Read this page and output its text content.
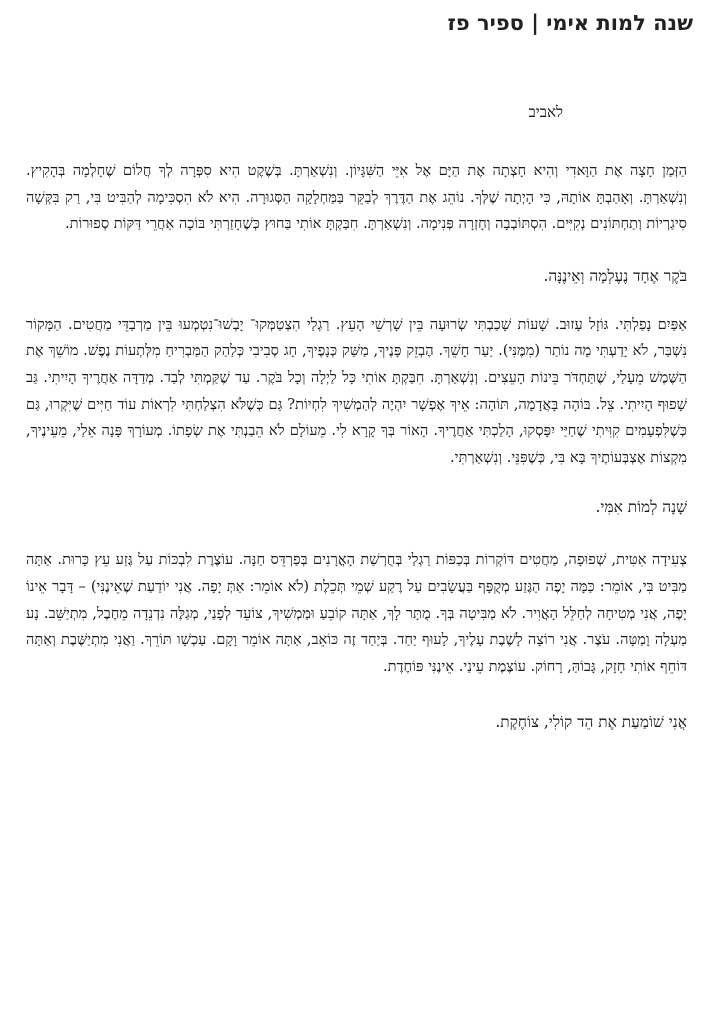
שנה למות אימי | ספיר פז
לאביב

הַזְּמַן חָצָה אֶת הַוָּאדִי וְהִיא חָצְתָה אֶת הַיָּם אֶל אִיֵּי הַשִּׁגָּיוֹן. וְנִשְׁאַרְתָּ. בְּשֶׁקֶט הִיא סִפְּרָה לְךָ חֲלוֹם שֶׁחָלְמָה בְּהָקִיץ. וְנִשְׁאַרְתָּ. וְאָהַבְתָּ אוֹתָהּ, כִּי הָיְתָה שֶׁלְּךָ. נוֹהֵג אֶת הַדֶּרֶךְ לְבַקֵּר בַּמַּחְלָקָה הַסְּגוּרָה. הִיא לֹא הִסְכִּימָה לְהַבִּיט בִּי, רַק בִּקְּשָׁה סִיגַרְיוֹת וְתַחְתּוֹנִים נְקִיִּים. הִסְתּוֹבְבָה וְחָזְרָה פְּנִימָה. וְנִשְׁאַרְתָּ. חִבַּקְתָּ אוֹתִי בַּחוּץ כְּשֶׁחָזַרְתִּי בּוֹכָה אַחֲרֵי דַּקּוֹת סְפוּרוֹת.

בֹּקֶר אֶחָד נֶעֶלְמָה וְאֵינֶנָּה.

אַפַּיִם נָפַלְתִּי. גּוֹזָל עָזוּב. שָׁעוֹת שָׁכַבְתִּי שְׂרוּעָה בֵּין שָׁרְשֵׁי הָעֵץ. רַגְלַי הִצְטַמְּקוּ־ יָבְשׁוּ־נִטְמְעוּ בֵּין מַרְבַדֵּי מַחֲטִים. הַמָּקוֹר נִשְׁבַּר, לֹא יָדַעְתִּי מָה נוֹתַר (מִמֶּנִּי). יַעַר חָשֵׁךְ. הֶבְזֵק פָּנֶיךָ, מַשַּׁק כְּנָפֶיךָ, חָג סְבִיבִי כְּלַהַק הַמַּבְרִיחַ מִלְּתְעוֹת נֶפֶשׁ. מוֹשֵׁךְ אֶת הַשֶּׁמֶשׁ מֵעָלַי, שֶׁתַּחְדֹּר בֵּינוֹת הָעֵצִים. וְנִשְׁאַרְתָּ. חִבַּקְתָּ אוֹתִי כָּל לַיְלָה וְכָל בֹּקֶר. עַד שֶׁקַּמְתִּי לְבַד. מְדַדָּה אַחֲרֶיךָ הָיִיתִי. גַּב שָׁפוּף הָיִיתִי. צֵל. בּוֹהָה בָּאֲדָמָה, תּוֹהָה: אֵיךְ אֶפְשָׁר יִהְיֶה לְהַמְשִׁיךְ לִחְיוֹת? גַּם כְּשֶׁלֹּא הִצְלַחְתִּי לִרְאוֹת עוֹד חַיִּים שֶׁיִּקְרוּ, גַּם כְּשֶׁלִּפְעָמִים קִוִּיתִי שֶׁחַיַּי יִפָּסְקוּ, הָלַכְתִּי אַחֲרֶיךָ. הָאוֹר בְּךָ קָרָא לִי. מֵעוֹלָם לֹא הֵבַנְתִּי אֶת שְׂפָתוֹ. מְעוֹרָךְ פָּנָה אֵלַי, מֵעֵינֶיךָ, מִקְצוֹת אֶצְבְּעוֹתֶיךָ בָּא בִּי, כְּשֶׁפִּנֵּי. וְנִשְׁאַרְתִּי.

שָׁנָה לְמוֹת אִמִּי.

צְעִידָה אִטִּית, שְׁפוּפָה, מַחֲטִים דּוֹקְרוֹת בְּכַפּוֹת רַגְלַי בְּחֻרְשַׁת הָאֳרָנִים בְּפַרְדֵּס חַנָּה. עוֹצֶרֶת לִבְכּוֹת עַל גֶּזַע עֵץ כָּרוּת. אַתָּה מַבִּיט בִּי, אוֹמֵר: כַּמָּה יָפֶה הַגֶּזַע מְקֻפָּף בַּעֲשָׂבִים עַל רֶקַע שְׁמֵי תְּכֵלֶת (לֹא אוֹמֵר: אַתְּ יָפָה. אֲנִי יוֹדַעַת שֶׁאֵינֶנִּי) – דָּבָר אֵינוֹ יָפֶה, אֲנִי מְטִיחָה לְחַלֵּל הָאֲוִיר. לֹא מַבִּיטָה בְּךָ. מֻתָּר לָךְ, אַתָּה קוֹבֵעַ וּמַמְשִׁיךְ, צוֹעֵד לְפָנַי, מְגַלֶּה נִדְנֵדָה מֵחֶבֶל, מִתְיַשֵּׁב. נָע מַעְלָה וָמַטָּה. עֹצֶר. אֲנִי רוֹצָה לָשֶׁבֶת עָלֶיךָ, לָעוּף יַחַד. בְּיַחַד זֶה כּוֹאֵב, אַתָּה אוֹמֵר וָקָם. עַכְשָׁו תּוֹרֵךְ. וַאֲנִי מִתְיַשֶּׁבֶת וְאַתָּה דּוֹחֵף אוֹתִי חָזָק, גָּבוֹהַּ, רָחוֹק. עוֹצֶמֶת עֵינַי. אֵינֶנִּי פּוֹחֶדֶת.

אֲנִי שׁוֹמַעַת אֶת הֵד קוֹלִי, צוֹחֶקֶת.
